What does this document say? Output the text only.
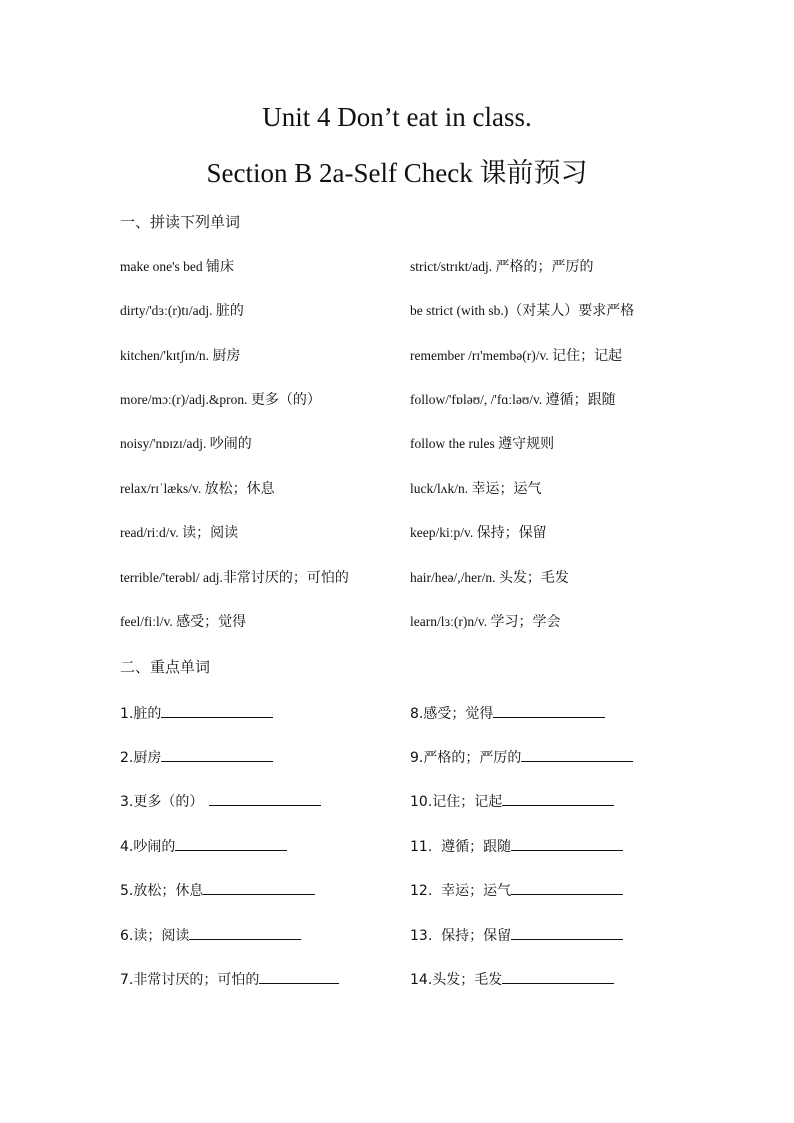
Unit 4 Don’t eat in class.
Section B 2a-Self Check 课前预习
一、拼读下列单词
make one's bed 铺床
dirty/'dɜː(r)tɪ/adj. 脏的
kitchen/'kɪtʃɪn/n. 厨房
more/mɔː(r)/adj.&pron. 更多（的）
noisy/'nɒɪzɪ/adj. 吵闹的
relax/rɪˈlæks/v. 放松；休息
read/riːd/v. 读；阅读
terrible/'terəbl/ adj.非常讨厌的；可怕的
feel/fiːl/v. 感受；觉得
strict/strɪkt/adj. 严格的；严厉的
be strict (with sb.)（对某人）要求严格
remember /rɪ'membə(r)/v. 记住；记起
follow/'fɒləʊ/, /'fɑːləʊ/v. 遵循；跟随
follow the rules 遵守规则
luck/lʌk/n. 幸运；运气
keep/kiːp/v. 保持；保留
hair/heə/,/her/n. 头发；毛发
learn/lɜː(r)n/v. 学习；学会
二、重点单词
1.脏的
2.厨房
3.更多（的）
4.吵闹的
5.放松；休息
6.读；阅读
7.非常讨厌的；可怕的
8.感受；觉得
9.严格的；严厉的
10.记住；记起
11.  遵循；跟随
12.  幸运；运气
13.  保持；保留
14.头发；毛发
